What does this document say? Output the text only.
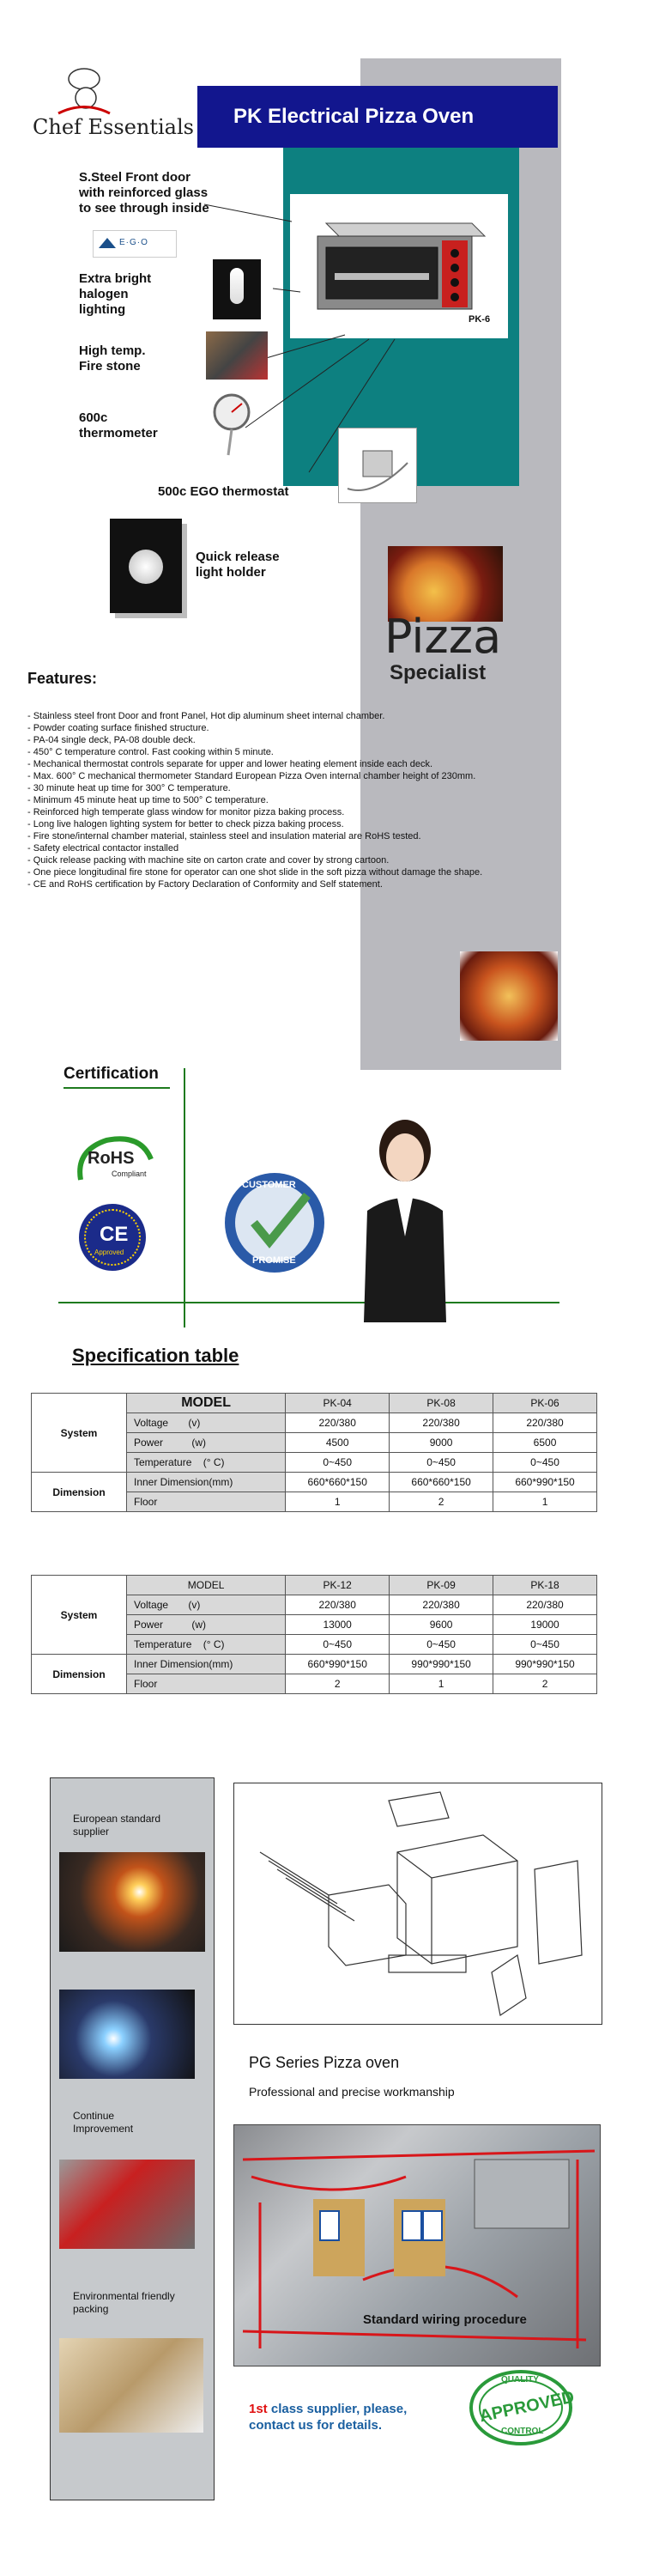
Chef Essentials PK Electrical Pizza Oven
PK-6
S.Steel Front door
with reinforced glass
to see through inside
E·G·O
Extra bright
halogen
lighting
High temp.
Fire stone
600c
thermometer
500c EGO thermostat
Quick release
light holder
Pizza
Specialist
Features:
- Stainless steel front Door and front Panel, Hot dip aluminum sheet internal chamber.
- Powder coating surface finished structure.
- PA-04 single deck, PA-08 double deck.
- 450° C temperature control. Fast cooking within 5 minute.
- Mechanical thermostat controls separate for upper and lower heating element inside each deck.
- Max. 600° C mechanical thermometer Standard European Pizza Oven internal chamber height of 230mm.
- 30 minute heat up time for 300° C temperature.
- Minimum 45 minute heat up time to 500° C temperature.
- Reinforced high temperate glass window for monitor pizza baking process.
- Long live halogen lighting system for better to check pizza baking process.
- Fire stone/internal chamber material, stainless steel and insulation material are RoHS tested.
- Safety electrical contactor installed
- Quick release packing with machine site on carton crate and cover by strong cartoon.
- One piece longitudinal fire stone for operator can one shot slide in the soft pizza without damage the shape.
- CE and RoHS certification by Factory Declaration of Conformity and Self statement.
Certification
RoHS
Compliant
CE
Approved
CUSTOMER
PROMISE
Specification table
System	MODEL	PK-04	PK-08	PK-06
	Voltage (v)	220/380	220/380	220/380
	Power (w)	4500	9000	6500
	Temperature (° C)	0~450	0~450	0~450
Dimension	Inner Dimension(mm)	660*660*150	660*660*150	660*990*150
	Floor	1	2	1
System	MODEL	PK-12	PK-09	PK-18
	Voltage (v)	220/380	220/380	220/380
	Power (w)	13000	9600	19000
	Temperature (° C)	0~450	0~450	0~450
Dimension	Inner Dimension(mm)	660*990*150	990*990*150	990*990*150
	Floor	2	1	2
European standard
supplier
Continue
Improvement
Environmental friendly
packing
PG Series Pizza oven
Professional and precise workmanship
Standard wiring procedure
1st class supplier, please,
contact us for details.
QUALITY
APPROVED
CONTROL
